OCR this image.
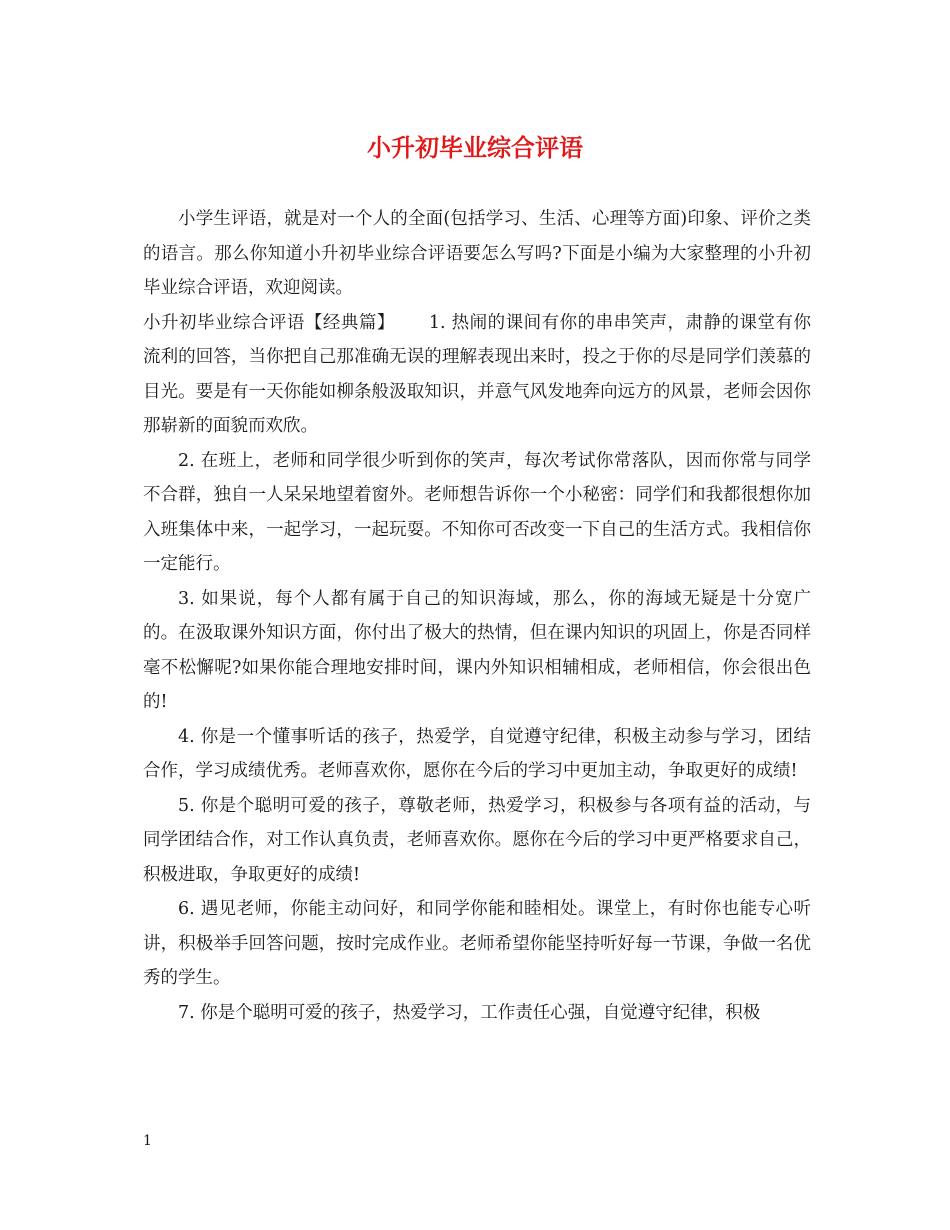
小升初毕业综合评语

小学生评语，就是对一个人的全面(包括学习、生活、心理等方面)印象、评价之类的语言。那么你知道小升初毕业综合评语要怎么写吗?下面是小编为大家整理的小升初毕业综合评语，欢迎阅读。

小升初毕业综合评语【经典篇】 1. 热闹的课间有你的串串笑声，肃静的课堂有你流利的回答，当你把自己那准确无误的理解表现出来时，投之于你的尽是同学们羡慕的目光。要是有一天你能如柳条般汲取知识，并意气风发地奔向远方的风景，老师会因你那崭新的面貌而欢欣。

2. 在班上，老师和同学很少听到你的笑声，每次考试你常落队，因而你常与同学不合群，独自一人呆呆地望着窗外。老师想告诉你一个小秘密：同学们和我都很想你加入班集体中来，一起学习，一起玩耍。不知你可否改变一下自己的生活方式。我相信你一定能行。

3. 如果说，每个人都有属于自己的知识海域，那么，你的海域无疑是十分宽广的。在汲取课外知识方面，你付出了极大的热情，但在课内知识的巩固上，你是否同样毫不松懈呢?如果你能合理地安排时间，课内外知识相辅相成，老师相信，你会很出色的!

4. 你是一个懂事听话的孩子，热爱学，自觉遵守纪律，积极主动参与学习，团结合作，学习成绩优秀。老师喜欢你，愿你在今后的学习中更加主动，争取更好的成绩!

5. 你是个聪明可爱的孩子，尊敬老师，热爱学习，积极参与各项有益的活动，与同学团结合作，对工作认真负责，老师喜欢你。愿你在今后的学习中更严格要求自己，积极进取，争取更好的成绩!

6. 遇见老师，你能主动问好，和同学你能和睦相处。课堂上，有时你也能专心听讲，积极举手回答问题，按时完成作业。老师希望你能坚持听好每一节课，争做一名优秀的学生。

7. 你是个聪明可爱的孩子，热爱学习，工作责任心强，自觉遵守纪律，积极

1
